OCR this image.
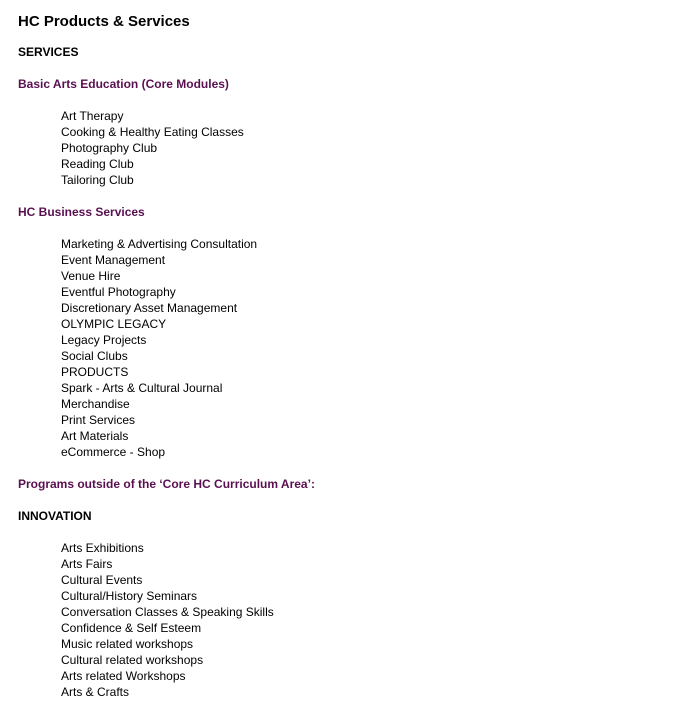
HC Products & Services
SERVICES
Basic Arts Education (Core Modules)
Art Therapy
Cooking & Healthy Eating Classes
Photography Club
Reading Club
Tailoring Club
HC Business Services
Marketing & Advertising Consultation
Event Management
Venue Hire
Eventful Photography
Discretionary Asset Management
OLYMPIC LEGACY
Legacy Projects
Social Clubs
PRODUCTS
Spark - Arts & Cultural Journal
Merchandise
Print Services
Art Materials
eCommerce - Shop
Programs outside of the ‘Core HC Curriculum Area’:
INNOVATION
Arts Exhibitions
Arts Fairs
Cultural Events
Cultural/History Seminars
Conversation Classes & Speaking Skills
Confidence & Self Esteem
Music related workshops
Cultural related workshops
Arts related Workshops
Arts & Crafts
